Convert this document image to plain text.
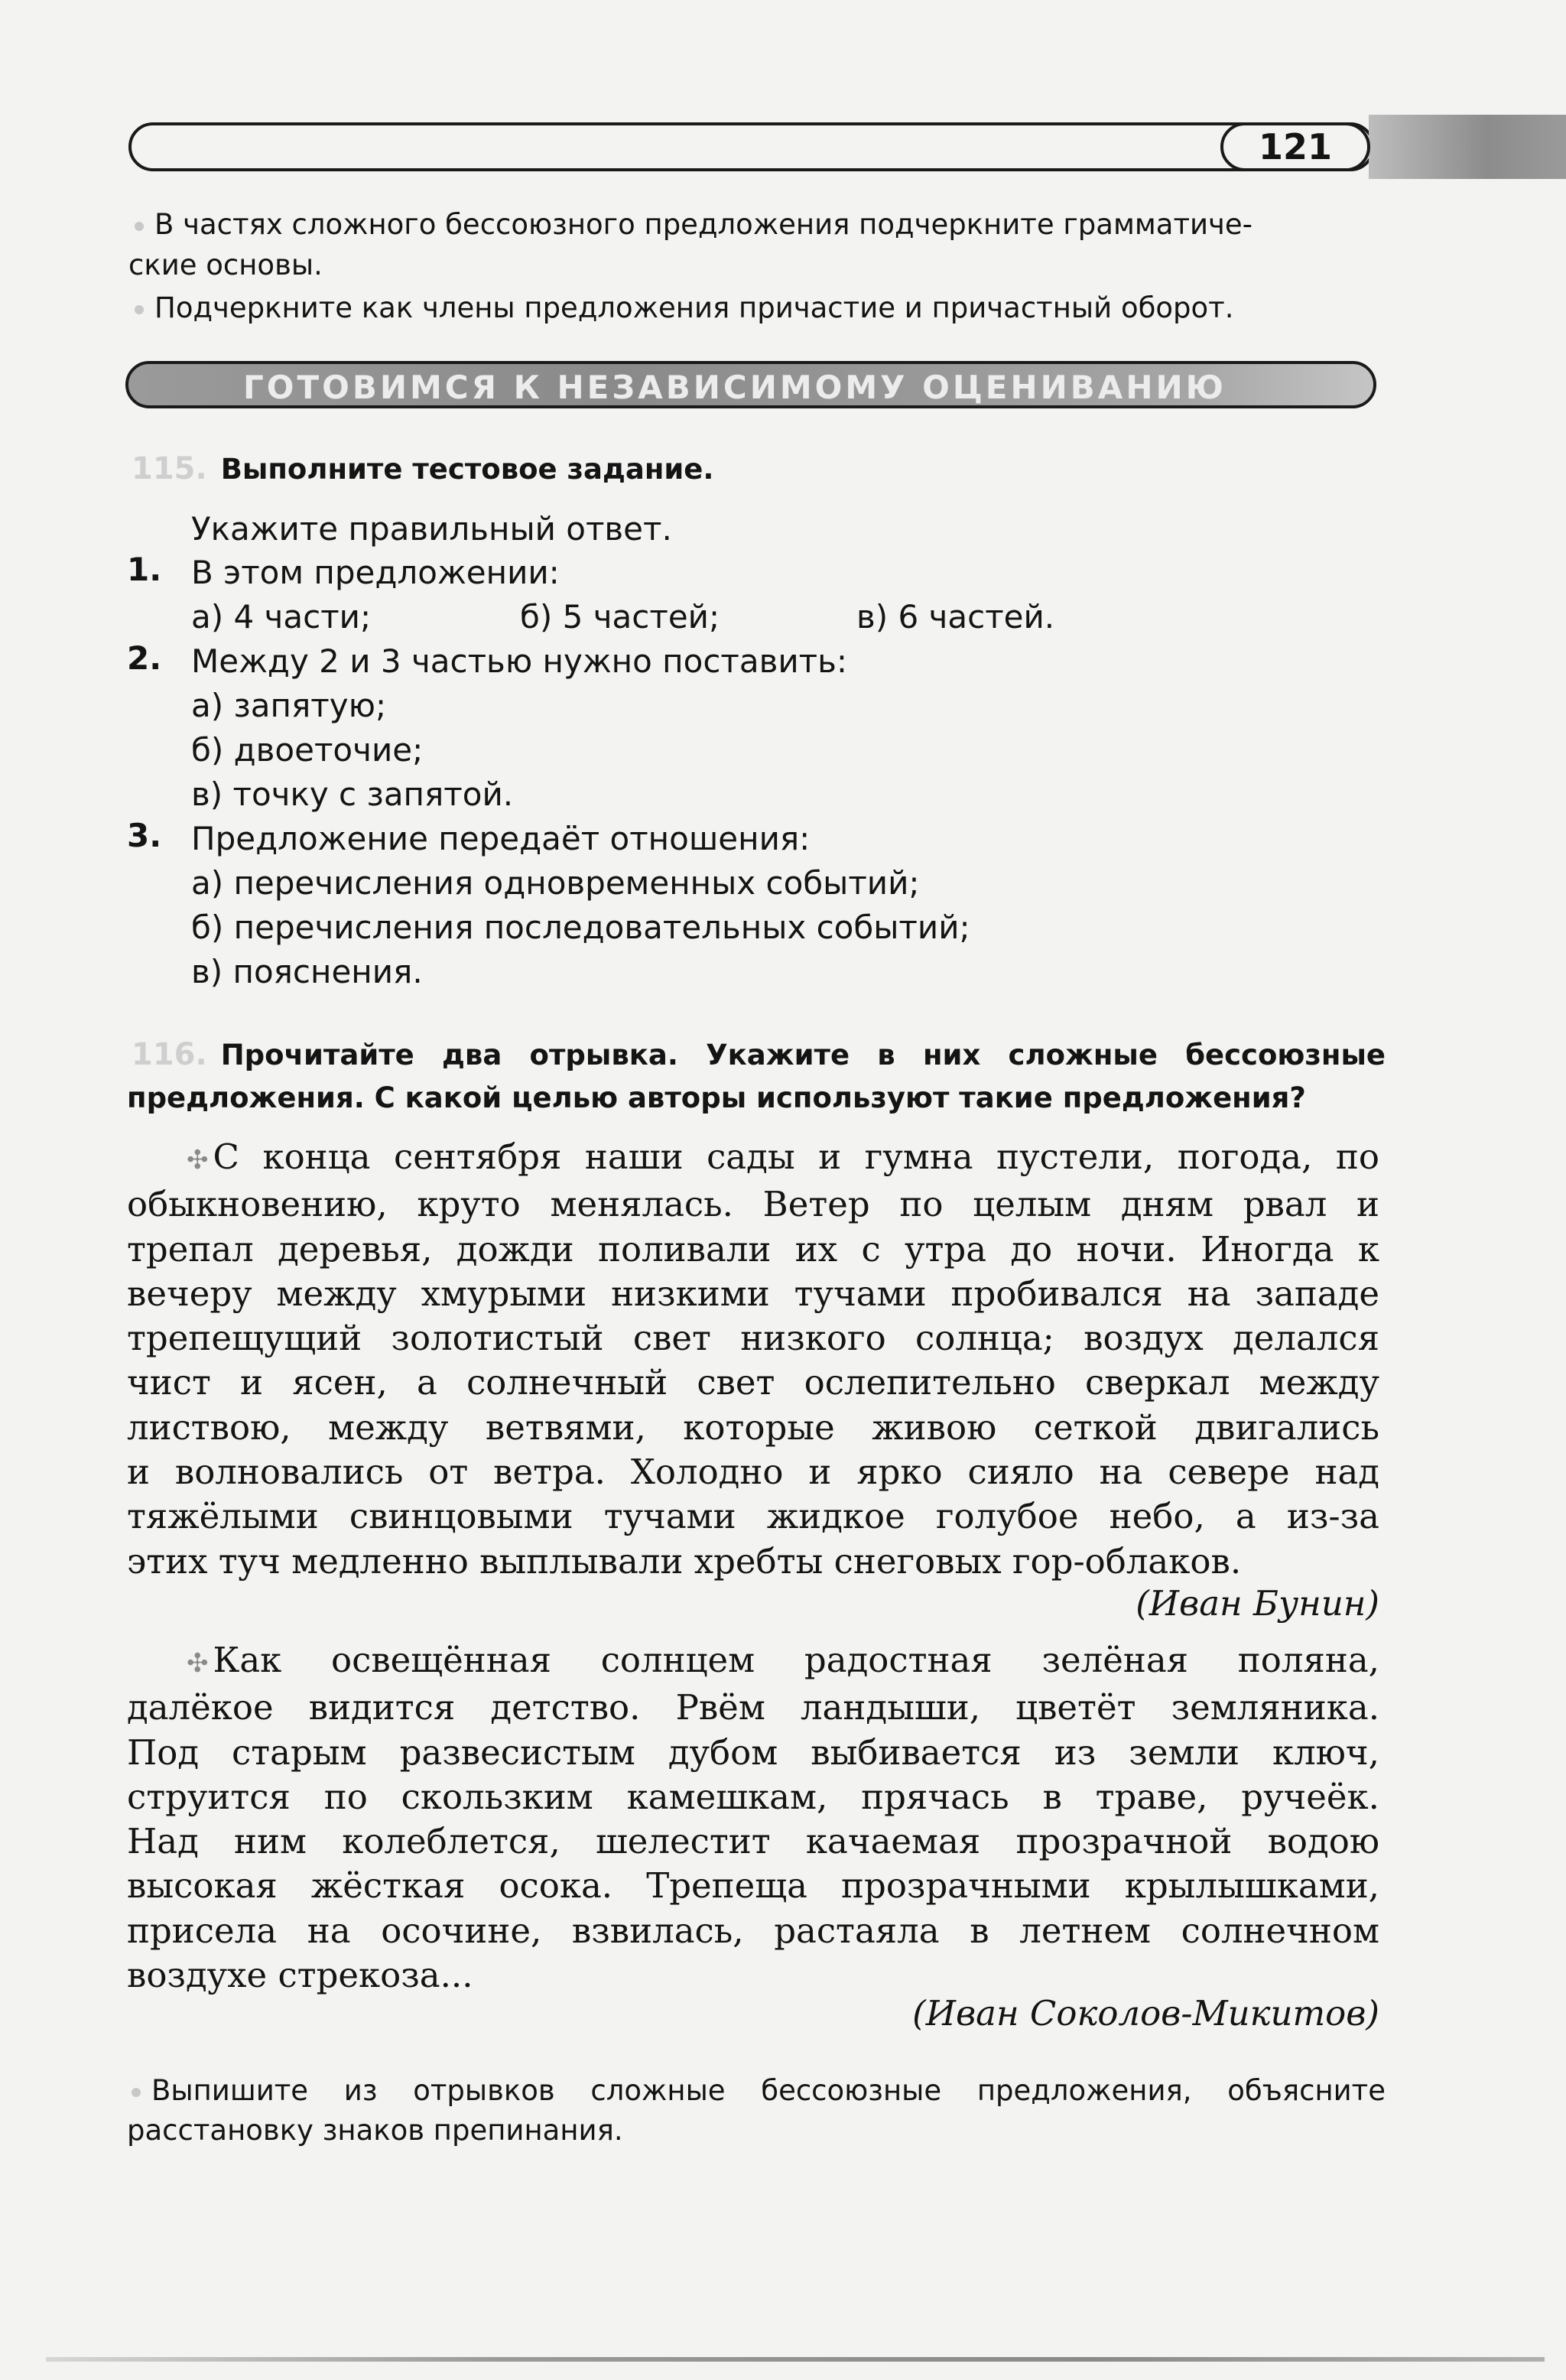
121
В частях сложного бессоюзного предложения подчеркните грамматиче-
ские основы.
Подчеркните как члены предложения причастие и причастный оборот.
ГОТОВИМСЯ К НЕЗАВИСИМОМУ ОЦЕНИВАНИЮ
115. Выполните тестовое задание.
Укажите правильный ответ.
1. В этом предложении:
а) 4 части;	б) 5 частей;	в) 6 частей.
2. Между 2 и 3 частью нужно поставить:
а) запятую;
б) двоеточие;
в) точку с запятой.
3. Предложение передаёт отношения:
а) перечисления одновременных событий;
б) перечисления последовательных событий;
в) пояснения.
116. Прочитайте два отрывка. Укажите в них сложные бессоюзные
предложения. С какой целью авторы используют такие предложения?
✣ С конца сентября наши сады и гумна пустели, погода, по
обыкновению, круто менялась. Ветер по целым дням рвал и
трепал деревья, дожди поливали их с утра до ночи. Иногда к
вечеру между хмурыми низкими тучами пробивался на западе
трепещущий золотистый свет низкого солнца; воздух делался
чист и ясен, а солнечный свет ослепительно сверкал между
листвою, между ветвями, которые живою сеткой двигались
и волновались от ветра. Холодно и ярко сияло на севере над
тяжёлыми свинцовыми тучами жидкое голубое небо, а из-за
этих туч медленно выплывали хребты снеговых гор-облаков.
(Иван Бунин)
✣ Как освещённая солнцем радостная зелёная поляна,
далёкое видится детство. Рвём ландыши, цветёт земляника.
Под старым развесистым дубом выбивается из земли ключ,
струится по скользким камешкам, прячась в траве, ручеёк.
Над ним колеблется, шелестит качаемая прозрачной водою
высокая жёсткая осока. Трепеща прозрачными крылышками,
присела на осочине, взвилась, растаяла в летнем солнечном
воздухе стрекоза...
(Иван Соколов-Микитов)
Выпишите из отрывков сложные бессоюзные предложения, объясните
расстановку знаков препинания.
